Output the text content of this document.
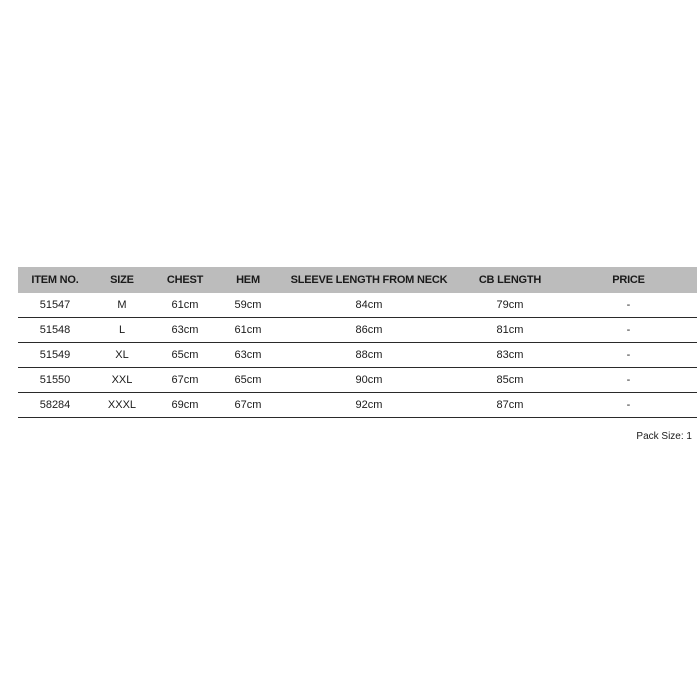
ITEM NO.	SIZE	CHEST	HEM	SLEEVE LENGTH FROM NECK	CB LENGTH	PRICE
51547	M	61cm	59cm	84cm	79cm	-
51548	L	63cm	61cm	86cm	81cm	-
51549	XL	65cm	63cm	88cm	83cm	-
51550	XXL	67cm	65cm	90cm	85cm	-
58284	XXXL	69cm	67cm	92cm	87cm	-
Pack Size: 1
